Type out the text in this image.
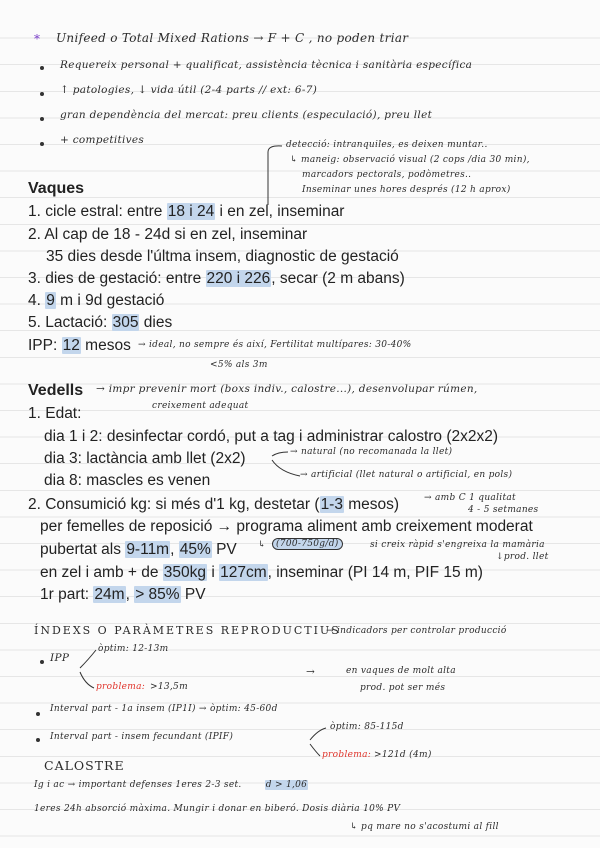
* Unifeed o Total Mixed Rations → F + C , no poden triar
Requereix personal + qualificat, assistència tècnica i sanitària específica
↑ patologies, ↓ vida útil (2-4 parts // ext: 6-7)
gran dependència del mercat: preu clients (especulació), preu llet
+ competitives	detecció: intranquiles, es deixen muntar..
↳ maneig: observació visual (2 cops /dia 30 min),
marcadors pectorals, podòmetres..
Inseminar unes hores després (12 h aprox)
Vaques
1. cicle estral: entre 18 i 24 i en zel, inseminar
2. Al cap de 18 - 24d si en zel, inseminar
35 dies desde l'últma insem, diagnostic de gestació
3. dies de gestació: entre 220 i 226, secar (2 m abans)
4. 9 m i 9d gestació
5. Lactació: 305 dies
IPP: 12 mesos → ideal, no sempre és així, Fertilitat multípares: 30-40%
<5% als 3m
Vedells → impr prevenir mort (boxs indiv., calostre...), desenvolupar rúmen,
creixement adequat
1. Edat:
dia 1 i 2: desinfectar cordó, put a tag i administrar calostro (2x2x2)
dia 3: lactància amb llet (2x2)	→ natural (no recomanada la llet)
→ artificial (llet natural o artificial, en pols)
dia 8: mascles es venen
2. Consumició kg: si més d'1 kg, destetar (1-3 mesos)	→ amb C 1 qualitat
4 - 5 setmanes
per femelles de reposició → programa aliment amb creixement moderat
pubertat als 9-11m, 45% PV ↳	(700-750g/d)	si creix ràpid s'engreixa la mamària
↓prod. llet
en zel i amb + de 350kg i 127cm, inseminar (PI 14 m, PIF 15 m)
1r part: 24m, > 85% PV
ÍNDEXS O PARÀMETRES REPRODUCTIUS
→ indicadors per controlar producció
IPP
òptim: 12-13m
problema: >13,5m
→	en vaques de molt alta
prod. pot ser més
Interval part - 1a insem (IP1I) → òptim: 45-60d
Interval part - insem fecundant (IPIF)
òptim: 85-115d
problema: >121d (4m)
CALOSTRE
Ig i ac → important defenses 1eres 2-3 set.	d > 1,06
1eres 24h absorció màxima. Mungir i donar en biberó. Dosis diària 10% PV
↳ pq mare no s'acostumi al fill
